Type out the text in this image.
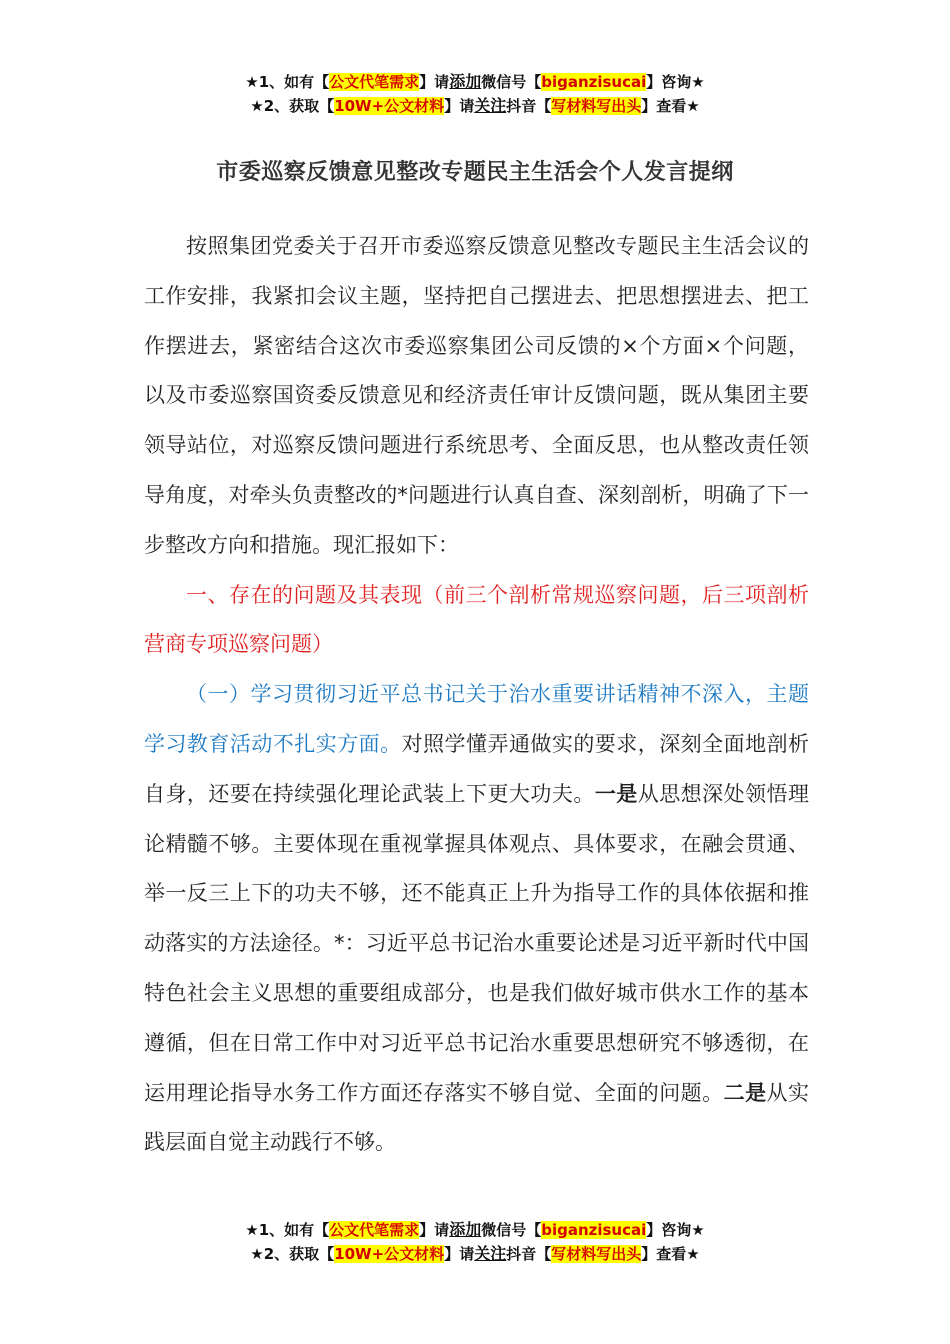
★1、如有【公文代笔需求】请添加微信号【biganzisucai】咨询★
★2、获取【10W+公文材料】请关注抖音【写材料写出头】查看★
市委巡察反馈意见整改专题民主生活会个人发言提纲

按照集团党委关于召开市委巡察反馈意见整改专题民主生活会议的工作安排，我紧扣会议主题，坚持把自己摆进去、把思想摆进去、把工作摆进去，紧密结合这次市委巡察集团公司反馈的×个方面×个问题，以及市委巡察国资委反馈意见和经济责任审计反馈问题，既从集团主要领导站位，对巡察反馈问题进行系统思考、全面反思，也从整改责任领导角度，对牵头负责整改的*问题进行认真自查、深刻剖析，明确了下一步整改方向和措施。现汇报如下：

一、存在的问题及其表现（前三个剖析常规巡察问题，后三项剖析营商专项巡察问题）

（一）学习贯彻习近平总书记关于治水重要讲话精神不深入，主题学习教育活动不扎实方面。对照学懂弄通做实的要求，深刻全面地剖析自身，还要在持续强化理论武装上下更大功夫。一是从思想深处领悟理论精髓不够。主要体现在重视掌握具体观点、具体要求，在融会贯通、举一反三上下的功夫不够，还不能真正上升为指导工作的具体依据和推动落实的方法途径。*：习近平总书记治水重要论述是习近平新时代中国特色社会主义思想的重要组成部分，也是我们做好城市供水工作的基本遵循，但在日常工作中对习近平总书记治水重要思想研究不够透彻，在运用理论指导水务工作方面还存落实不够自觉、全面的问题。二是从实践层面自觉主动践行不够。

★1、如有【公文代笔需求】请添加微信号【biganzisucai】咨询★
★2、获取【10W+公文材料】请关注抖音【写材料写出头】查看★
